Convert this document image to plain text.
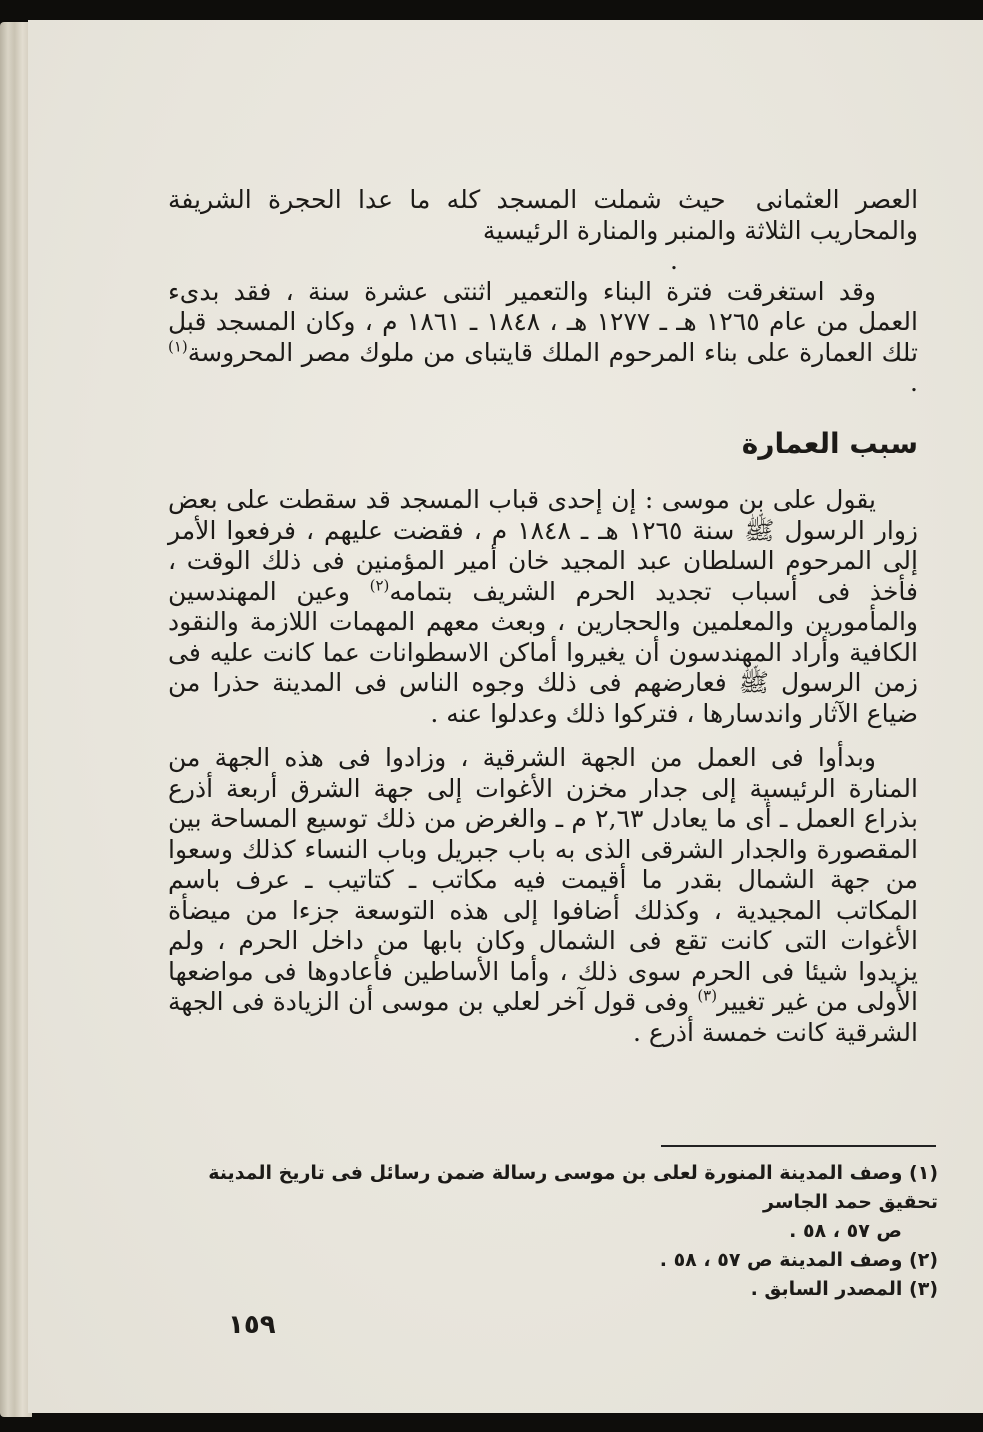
العصر العثمانىحيث شملت المسجد كله ما عدا الحجرة الشريفة والمحاريب الثلاثة والمنبر والمنارة الرئيسية

.

وقد استغرقت فترة البناء والتعمير اثنتى عشرة سنة ، فقد بدىء العمل من عام ١٢٦٥ هـ ـ ١٢٧٧ هـ ، ١٨٤٨ ـ ١٨٦١ م ، وكان المسجد قبل تلك العمارة على بناء المرحوم الملك قايتباى من ملوك مصر المحروسة$^{(١)}$ .

سبب العمارة

يقول على بن موسى : إن إحدى قباب المسجد قد سقطت على بعض زوار الرسول ﷺ سنة ١٢٦٥ هـ ـ ١٨٤٨ م ، فقضت عليهم ، فرفعوا الأمر إلى المرحوم السلطان عبد المجيد خان أمير المؤمنين فى ذلك الوقت ، فأخذ فى أسباب تجديد الحرم الشريف بتمامه$^{(٢)}$ وعين المهندسين والمأمورين والمعلمين والحجارين ، وبعث معهم المهمات اللازمة والنقود الكافية وأراد المهندسون أن يغيروا أماكن الاسطوانات عما كانت عليه فى زمن الرسول ﷺ فعارضهم فى ذلك وجوه الناس فى المدينة حذرا من ضياع الآثار واندسارها ، فتركوا ذلك وعدلوا عنه .

وبدأوا فى العمل من الجهة الشرقية ، وزادوا فى هذه الجهة من المنارة الرئيسية إلى جدار مخزن الأغوات إلى جهة الشرق أربعة أذرع بذراع العمل ـ أى ما يعادل ٢,٦٣ م ـ والغرض من ذلك توسيع المساحة بين المقصورة والجدار الشرقى الذى به باب جبريل وباب النساء كذلك وسعوا من جهة الشمال بقدر ما أقيمت فيه مكاتب ـ كتاتيب ـ عرف باسم المكاتب المجيدية ، وكذلك أضافوا إلى هذه التوسعة جزءا من ميضأة الأغوات التى كانت تقع فى الشمال وكان بابها من داخل الحرم ، ولم يزيدوا شيئا فى الحرم سوى ذلك ، وأما الأساطين فأعادوها فى مواضعها الأولى من غير تغيير$^{(٣)}$ وفى قول آخر لعلي بن موسى أن الزيادة فى الجهة الشرقية كانت خمسة أذرع .

(١) وصف المدينة المنورة لعلى بن موسى رسالة ضمن رسائل فى تاريخ المدينة تحقيق حمد الجاسر

ص ٥٧ ، ٥٨ .

(٢) وصف المدينة ص ٥٧ ، ٥٨ .

(٣) المصدر السابق .

١٥٩
